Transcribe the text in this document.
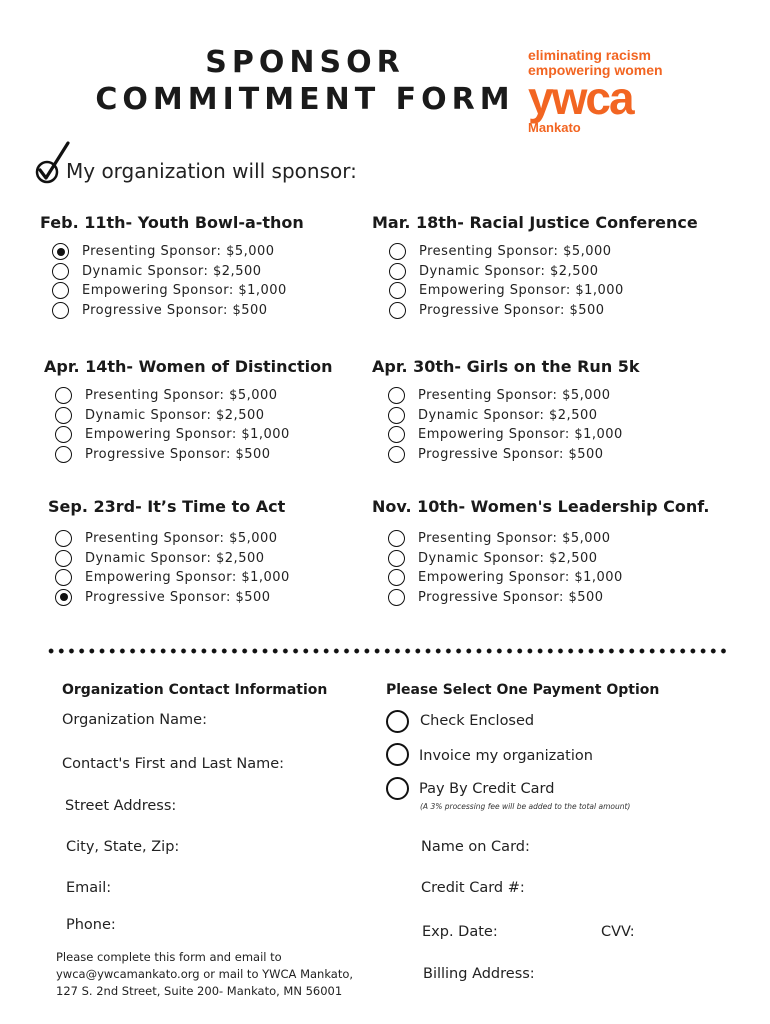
SPONSOR
COMMITMENT FORM
eliminating racism
empowering women
ywca
Mankato
My organization will sponsor:
Feb. 11th- Youth Bowl-a-thon
Presenting Sponsor: $5,000
Dynamic Sponsor: $2,500
Empowering Sponsor: $1,000
Progressive Sponsor: $500
Mar. 18th- Racial Justice Conference
Presenting Sponsor: $5,000
Dynamic Sponsor: $2,500
Empowering Sponsor: $1,000
Progressive Sponsor: $500
Apr. 14th- Women of Distinction
Presenting Sponsor: $5,000
Dynamic Sponsor: $2,500
Empowering Sponsor: $1,000
Progressive Sponsor: $500
Apr. 30th- Girls on the Run 5k
Presenting Sponsor: $5,000
Dynamic Sponsor: $2,500
Empowering Sponsor: $1,000
Progressive Sponsor: $500
Sep. 23rd- It’s Time to Act
Presenting Sponsor: $5,000
Dynamic Sponsor: $2,500
Empowering Sponsor: $1,000
Progressive Sponsor: $500
Nov. 10th- Women's Leadership Conf.
Presenting Sponsor: $5,000
Dynamic Sponsor: $2,500
Empowering Sponsor: $1,000
Progressive Sponsor: $500
Organization Contact Information
Organization Name:
Contact's First and Last Name:
Street Address:
City, State, Zip:
Email:
Phone:
Please Select One Payment Option
Check Enclosed
Invoice my organization
Pay By Credit Card
(A 3% processing fee will be added to the total amount)
Name on Card:
Credit Card #:
Exp. Date:	CVV:
Billing Address:
Please complete this form and email to
ywca@ywcamankato.org or mail to YWCA Mankato,
127 S. 2nd Street, Suite 200- Mankato, MN 56001
